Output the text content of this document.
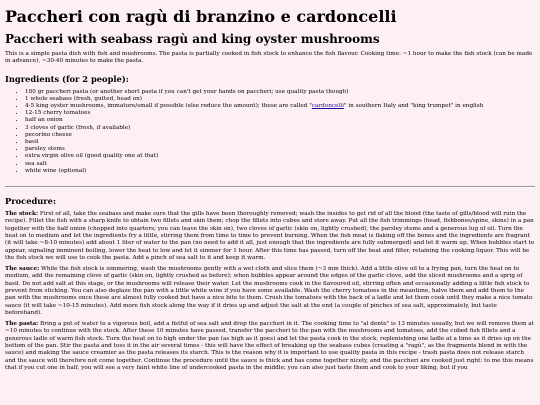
Paccheri con ragù di branzino e cardoncelli
Paccheri with seabass ragù and king oyster mushrooms

This is a simple pasta dish with fish and mushrooms. The pasta is partially cooked in fish stock to enhance the fish flavour. Cooking time: ~1 hour to make the fish stock (can be made in advance), ~30-40 minutes to make the pasta.

Ingredients (for 2 people):
• 180 gr paccheri pasta (or another short pasta if you can't get your hands on paccheri; use quality pasta though)
• 1 whole seabass (fresh, gutted, head on)
• 4-5 king oyster mushrooms, immature/small if possible (else reduce the amount); these are called "cardoncelli" in southern Italy and "king trumpet" in english
• 12-15 cherry tomatoes
• half an onion
• 3 cloves of garlic (fresh, if available)
• pecorino cheese
• basil
• parsley stems
• extra virgin olive oil (good quality one at that)
• sea salt
• white wine (optional)
Procedure:

The stock: First of all, take the seabass and make sure that the gills have been thoroughly removed; wash the insides to get rid of all the blood (the taste of gills/blood will ruin the recipe). Fillet the fish with a sharp knife to obtain two fillets and skin them; chop the fillets into cubes and store away. Put all the fish trimmings (head, fishbones/spine, skins) in a pan together with the half onion (chopped into quarters; you can leave the skin on), two cloves of garlic (skin on, lightly crushed), the parsley stems and a generous lug of oil. Turn the heat on to medium and let the ingredients fry a little, stirring them from time to time to prevent burning. When the fish meat is flaking off the bones and the ingredients are fragrant (it will take ~8-10 minutes) add about 1 liter of water to the pan (no need to add it all, just enough that the ingredients are fully submerged) and let it warm up. When bubbles start to appear, signaling imminent boiling, lower the heat to low and let it simmer for 1 hour. After this time has passed, turn off the heat and filter, retaining the cooking liquor. This will be the fish stock we will use to cook the pasta. Add a pinch of sea salt to it and keep it warm.

The sauce: While the fish stock is simmering, wash the mushrooms gently with a wet cloth and slice them (~3 mm thick). Add a little olive oil to a frying pan, turn the heat on to medium, add the remaining clove of garlic (skin on, lightly crushed as before); when bubbles appear around the edges of the garlic clove, add the sliced mushrooms and a sprig of basil. Do not add salt at this stage, or the mushrooms will release their water. Let the mushrooms cook in the flavoured oil, stirring often and occasionally adding a little fish stock to prevent from sticking. You can also deglaze the pan with a little white wine if you have some available. Wash the cherry tomatoes in the meantime, halve them and add them to the pan with the mushrooms once these are almost fully cooked but have a nice bite to them. Crush the tomatoes with the back of a ladle and let them cook until they make a nice tomato sauce (it will take ~10-15 minutes). Add more fish stock along the way if it dries up and adjust the salt at the end (a couple of pinches of sea salt, approximately, but taste beforehand).

The pasta: Bring a pot of water to a vigorous boil, add a fistful of sea salt and drop the paccheri in it. The cooking time to "al dente" is 13 minutes usually, but we will remove them at ~10 minutes to continue with the stock. After these 10 minutes have passed, transfer the paccheri to the pan with the mushrooms and tomatoes, add the cubed fish fillets and a generous ladle of warm fish stock. Turn the heat on to high under the pan (as high as it goes) and let the pasta cook in the stock, replenishing one ladle at a time as it dries up on the bottom of the pan. Stir the pasta and toss it in the air several times - this will have the effect of breaking up the seabass cubes (creating a "ragù", as the fragments blend in with the sauce) and making the sauce creamier as the pasta releases its starch. This is the reason why it is important to use quality pasta in this recipe - trash pasta does not release starch and the sauce will therefore not come together. Continue the procedure until the sauce is thick and has come together nicely, and the paccheri are cooked just right: to me this means that if you cut one in half, you will see a very faint white line of undercooked pasta in the middle; you can also just taste them and cook to your liking, but if you
